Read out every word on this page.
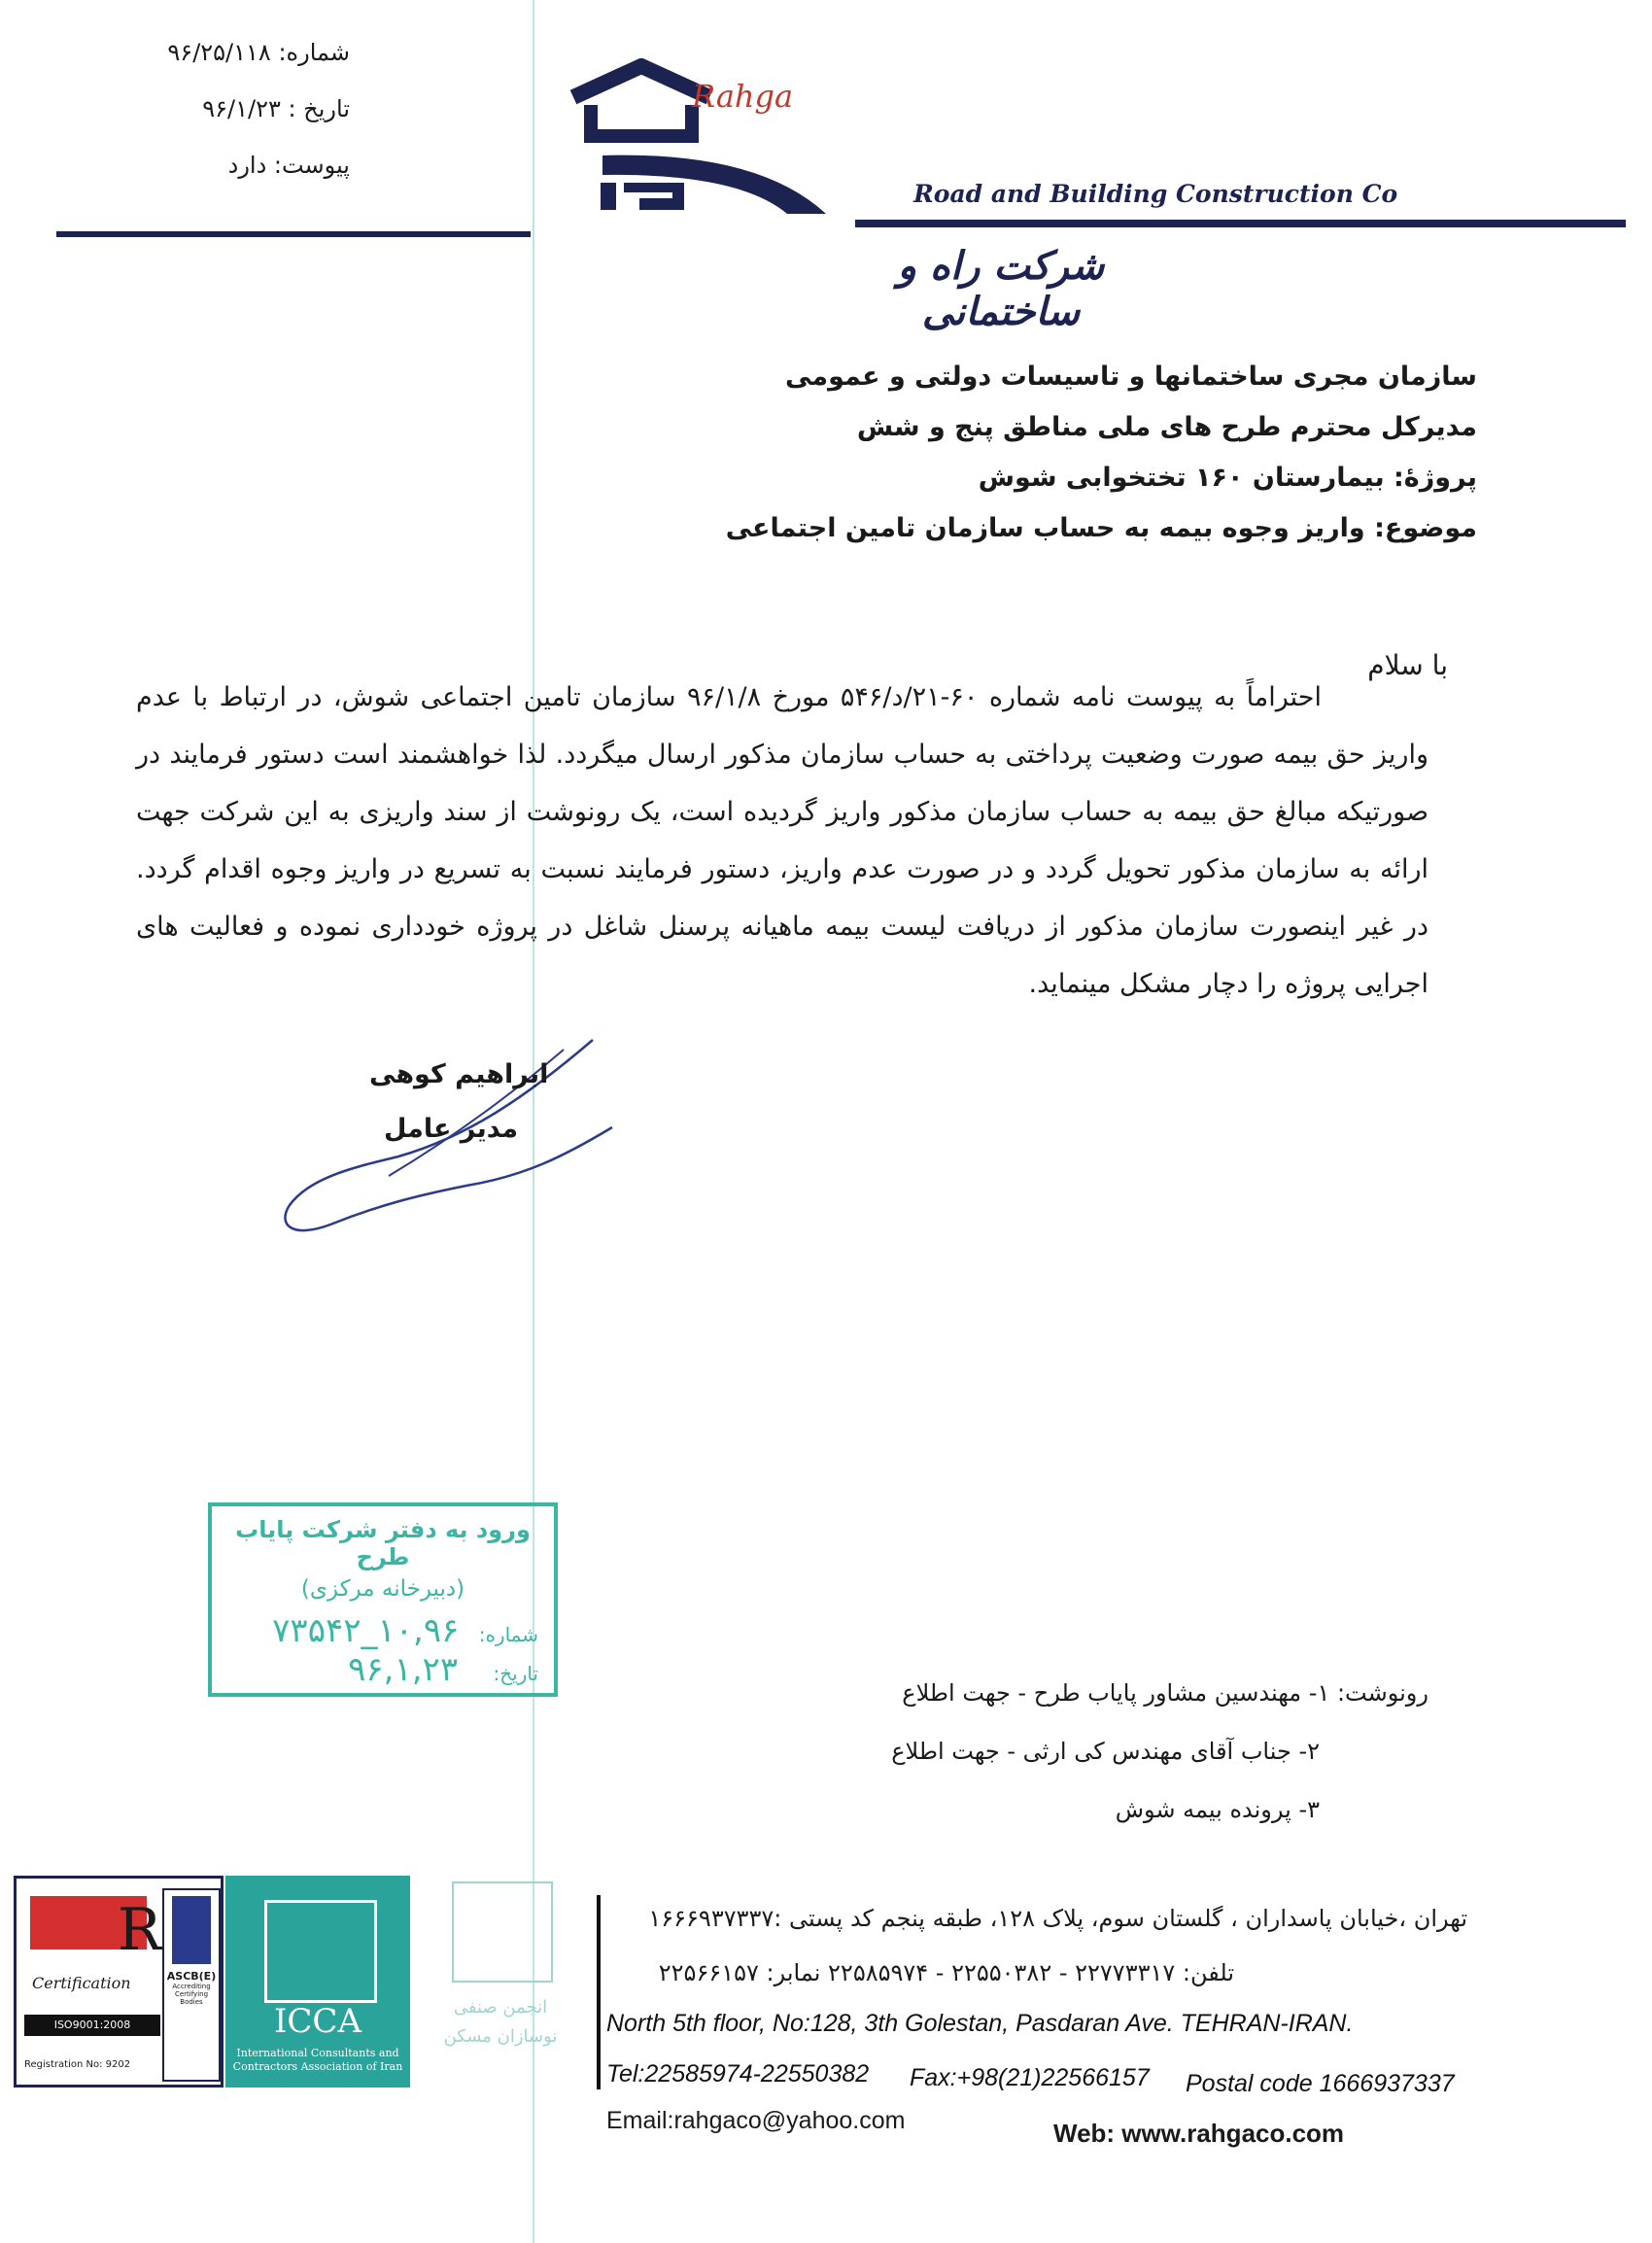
شماره: ۹۶/۲۵/۱۱۸
تاریخ : ۹۶/۱/۲۳
پیوست: دارد
Rahga
Road and Building Construction Co
شرکت راه و ساختمانی
سازمان مجری ساختمانها و تاسیسات دولتی و عمومی
مدیرکل محترم طرح های ملی مناطق پنج و شش
پروژهٔ: بیمارستان ۱۶۰ تختخوابی شوش
موضوع: واریز وجوه بیمه به حساب سازمان تامین اجتماعی
با سلام
احتراماً به پیوست نامه شماره ۶۰-۲۱/د/۵۴۶ مورخ ۹۶/۱/۸ سازمان تامین اجتماعی شوش، در ارتباط با عدم واریز حق بیمه صورت وضعیت پرداختی به حساب سازمان مذکور ارسال میگردد. لذا خواهشمند است دستور فرمایند در صورتیکه مبالغ حق بیمه به حساب سازمان مذکور واریز گردیده است، یک رونوشت از سند واریزی به این شرکت جهت ارائه به سازمان مذکور تحویل گردد و در صورت عدم واریز، دستور فرمایند نسبت به تسریع در واریز وجوه اقدام گردد. در غیر اینصورت سازمان مذکور از دریافت لیست بیمه ماهیانه پرسنل شاغل در پروژه خودداری نموده و فعالیت های اجرایی پروژه را دچار مشکل مینماید.
ابراهیم کوهی
مدیر عامل
ورود به دفتر شرکت پایاب طرح
(دبیرخانه مرکزی)
شماره: ۱۰,۹۶_۷۳۵۴۲
تاریخ: ۹۶,۱,۲۳
رونوشت: ۱- مهندسین مشاور پایاب طرح - جهت اطلاع
۲- جناب آقای مهندس کی ارثی - جهت اطلاع
۳- پرونده بیمه شوش
R
Certification
ISO9001:2008
Registration No: 9202
ASCB(E)
Accrediting Certifying Bodies	ICCA
International Consultants and Contractors Association of Iran
انجمن صنفی
نوسازان مسکن
تهران ،خیابان پاسداران ، گلستان سوم، پلاک ۱۲۸، طبقه پنجم کد پستی :۱۶۶۶۹۳۷۳۳۷
تلفن: ۲۲۷۷۳۳۱۷ - ۲۲۵۵۰۳۸۲ - ۲۲۵۸۵۹۷۴ نمابر: ۲۲۵۶۶۱۵۷
North 5th floor, No:128, 3th Golestan, Pasdaran Ave. TEHRAN-IRAN.
Tel:22585974-22550382 Fax:+98(21)22566157 Postal code 1666937337
Email:rahgaco@yahoo.com	Web: www.rahgaco.com
